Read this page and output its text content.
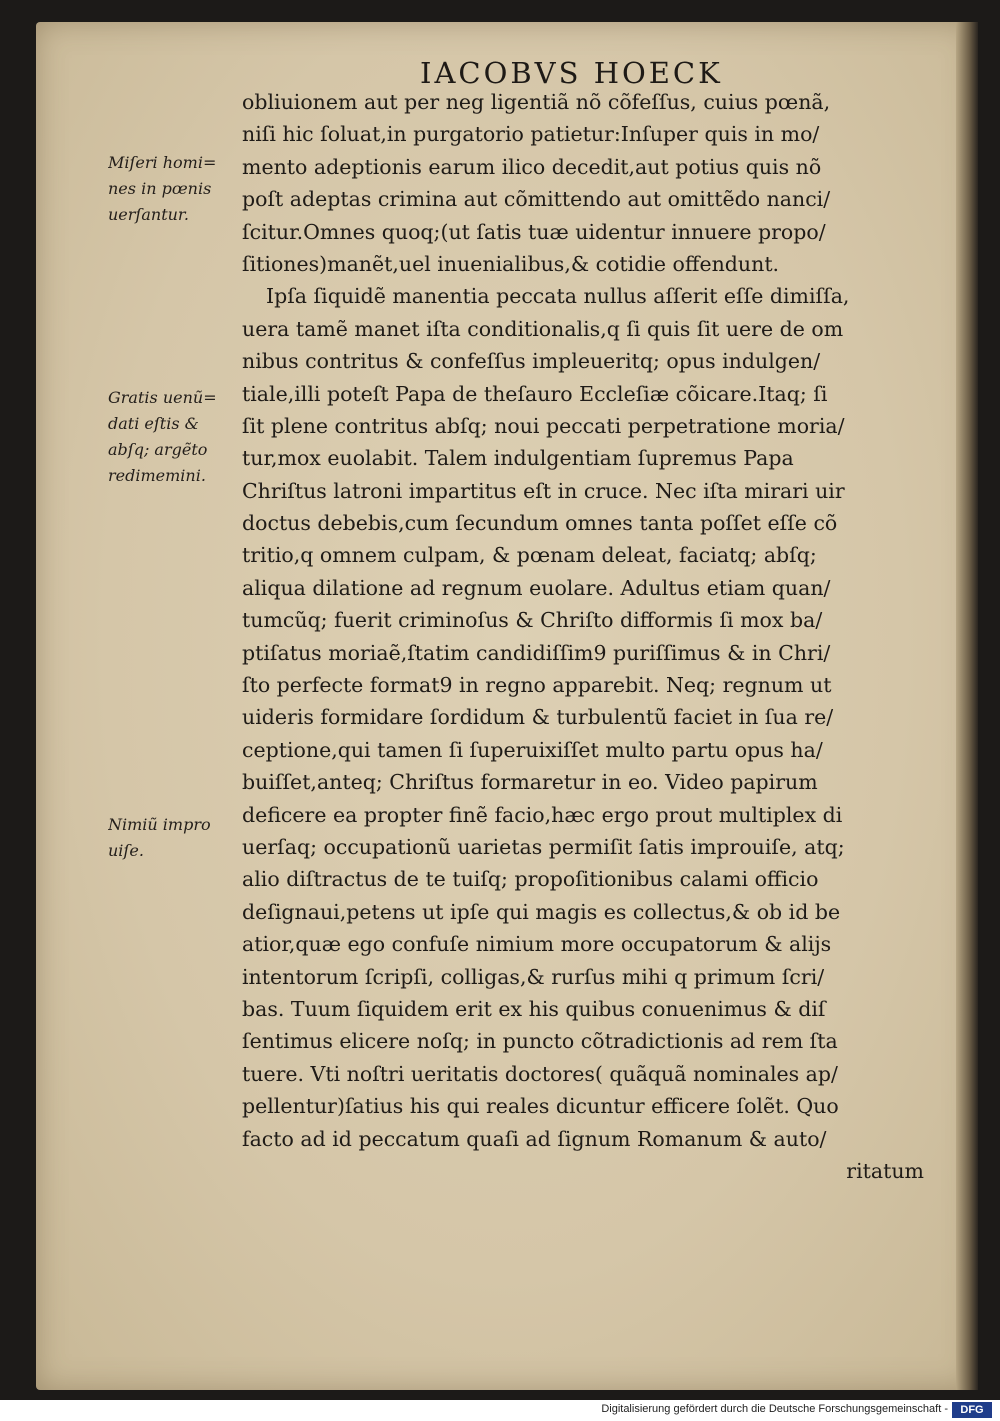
IACOBVS HOECK
obliuionem aut per neg ligentiã nõ cõfeſſus, cuius pœnã,
niſi hic ſoluat,in purgatorio patietur:Inſuper quis in mo/
mento adeptionis earum ilico decedit,aut potius quis nõ
poſt adeptas crimina aut cõmittendo aut omittẽdo nanci/
ſcitur.Omnes quoq;(ut ſatis tuæ uidentur innuere propo/
ſitiones)manẽt,uel inuenialibus,& cotidie offendunt.
Ipſa ſiquidẽ manentia peccata nullus aſſerit eſſe dimiſſa,
uera tamẽ manet iſta conditionalis,q ſi quis ſit uere de om
nibus contritus & confeſſus impleueritq; opus indulgen/
tiale,illi poteſt Papa de theſauro Eccleſiæ cõicare.Itaq; ſi
ſit plene contritus abſq; noui peccati perpetratione moria/
tur,mox euolabit. Talem indulgentiam ſupremus Papa
Chriſtus latroni impartitus eſt in cruce. Nec iſta mirari uir
doctus debebis,cum ſecundum omnes tanta poſſet eſſe cõ
tritio,q omnem culpam, & pœnam deleat, faciatq; abſq;
aliqua dilatione ad regnum euolare. Adultus etiam quan/
tumcũq; fuerit criminoſus & Chriſto difformis ſi mox ba/
ptiſatus moriaẽ,ſtatim candidiſſim9 puriſſimus & in Chri/
ſto perfecte format9 in regno apparebit. Neq; regnum ut
uideris formidare ſordidum & turbulentũ faciet in ſua re/
ceptione,qui tamen ſi ſuperuixiſſet multo partu opus ha/
buiſſet,anteq; Chriſtus formaretur in eo. Video papirum
deficere ea propter finẽ facio,hæc ergo prout multiplex di
uerſaq; occupationũ uarietas permiſit ſatis improuiſe, atq;
alio diſtractus de te tuiſq; propoſitionibus calami officio
deſignaui,petens ut ipſe qui magis es collectus,& ob id be
atior,quæ ego confuſe nimium more occupatorum & alijs
intentorum ſcripſi, colligas,& rurſus mihi q primum ſcri/
bas. Tuum ſiquidem erit ex his quibus conuenimus & diſ
ſentimus elicere noſq; in puncto cõtradictionis ad rem ſta
tuere. Vti noſtri ueritatis doctores( quãquã nominales ap/
pellentur)ſatius his qui reales dicuntur efficere ſolẽt. Quo
facto ad id peccatum quaſi ad ſignum Romanum & auto/
ritatum
Miſeri homi=
nes in pœnis
uerſantur.
Gratis uenũ=
dati eſtis &
abſq; argẽto
redimemini.
Nimiũ impro
uiſe.
Digitalisierung gefördert durch die Deutsche Forschungsgemeinschaft -	DFG
